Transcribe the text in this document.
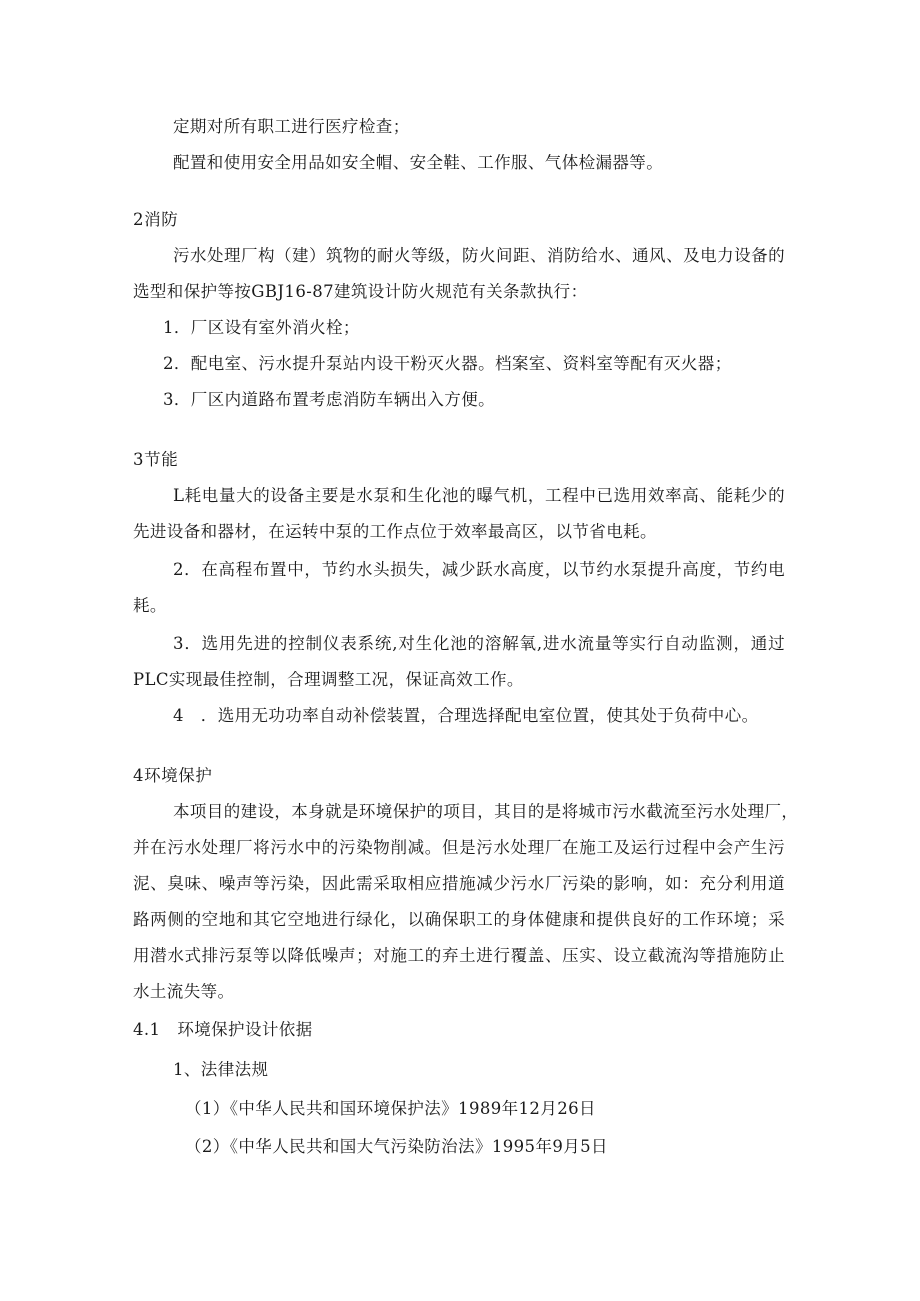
定期对所有职工进行医疗检查；
配置和使用安全用品如安全帽、安全鞋、工作服、气体检漏器等。
2消防
污水处理厂构（建）筑物的耐火等级，防火间距、消防给水、通风、及电力设备的
选型和保护等按GBJ16-87建筑设计防火规范有关条款执行：
1．厂区设有室外消火栓；
2．配电室、污水提升泵站内设干粉灭火器。档案室、资料室等配有灭火器；
3．厂区内道路布置考虑消防车辆出入方便。
3节能
L耗电量大的设备主要是水泵和生化池的曝气机，工程中已选用效率高、能耗少的
先进设备和器材，在运转中泵的工作点位于效率最高区，以节省电耗。
2．在高程布置中，节约水头损失，减少跃水高度，以节约水泵提升高度，节约电
耗。
3．选用先进的控制仪表系统,对生化池的溶解氧,进水流量等实行自动监测，通过
PLC实现最佳控制，合理调整工况，保证高效工作。
4　．选用无功功率自动补偿装置，合理选择配电室位置，使其处于负荷中心。
4环境保护
本项目的建设，本身就是环境保护的项目，其目的是将城市污水截流至污水处理厂，
并在污水处理厂将污水中的污染物削减。但是污水处理厂在施工及运行过程中会产生污
泥、臭味、噪声等污染，因此需采取相应措施减少污水厂污染的影响，如：充分利用道
路两侧的空地和其它空地进行绿化，以确保职工的身体健康和提供良好的工作环境；采
用潜水式排污泵等以降低噪声；对施工的弃土进行覆盖、压实、设立截流沟等措施防止
水土流失等。
4.1　环境保护设计依据
1、法律法规
（1）《中华人民共和国环境保护法》1989年12月26日
（2）《中华人民共和国大气污染防治法》1995年9月5日
